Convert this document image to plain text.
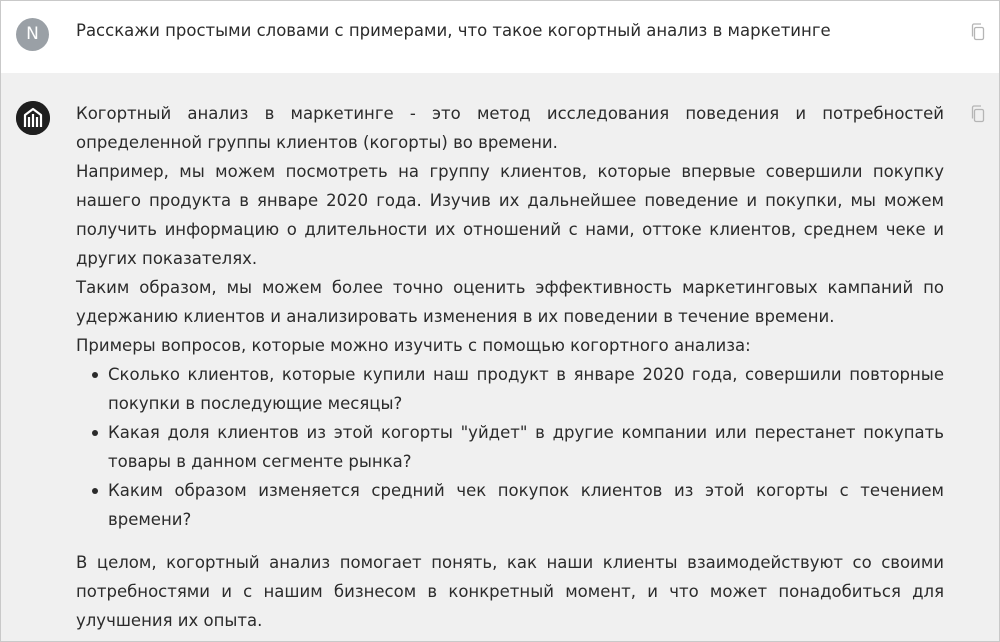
N	Расскажи простыми словами с примерами, что такое когортный анализ в маркетинге

Когортный анализ в маркетинге - это метод исследования поведения и потребностей определенной группы клиентов (когорты) во времени.

Например, мы можем посмотреть на группу клиентов, которые впервые совершили покупку нашего продукта в январе 2020 года. Изучив их дальнейшее поведение и покупки, мы можем получить информацию о длительности их отношений с нами, оттоке клиентов, среднем чеке и других показателях.

Таким образом, мы можем более точно оценить эффективность маркетинговых кампаний по удержанию клиентов и анализировать изменения в их поведении в течение времени.

Примеры вопросов, которые можно изучить с помощью когортного анализа:

Сколько клиентов, которые купили наш продукт в январе 2020 года, совершили повторные покупки в последующие месяцы?
Какая доля клиентов из этой когорты "уйдет" в другие компании или перестанет покупать товары в данном сегменте рынка?
Каким образом изменяется средний чек покупок клиентов из этой когорты с течением времени?

В целом, когортный анализ помогает понять, как наши клиенты взаимодействуют со своими потребностями и с нашим бизнесом в конкретный момент, и что может понадобиться для улучшения их опыта.
